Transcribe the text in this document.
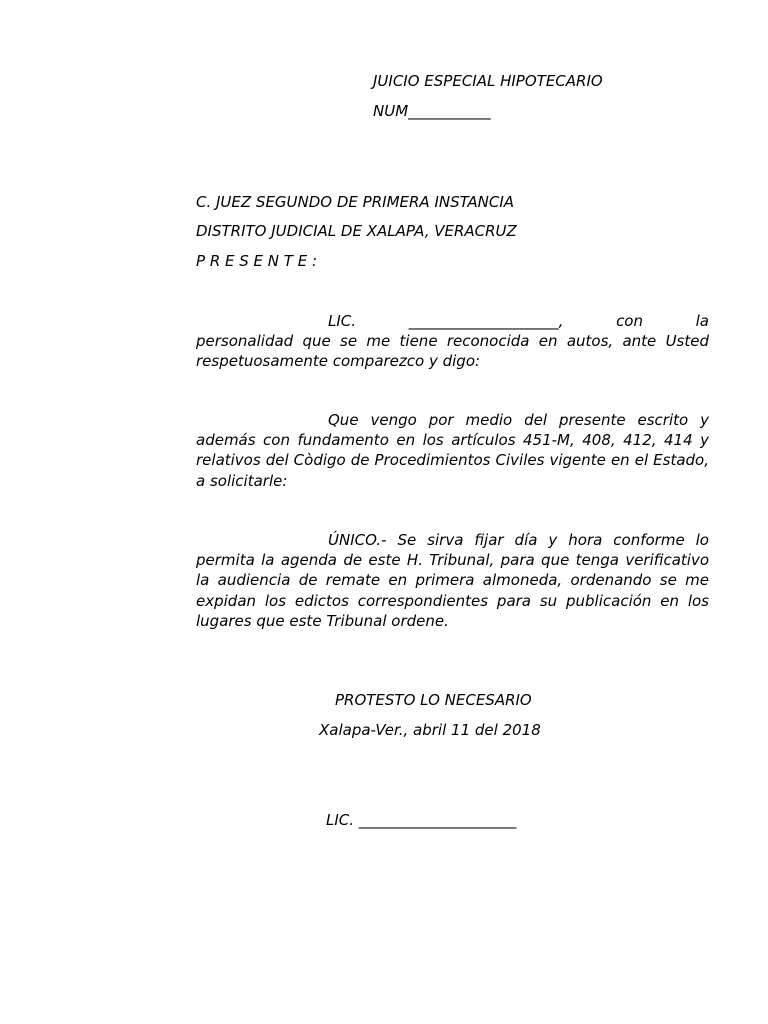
JUICIO ESPECIAL HIPOTECARIO

NUM___________

C. JUEZ SEGUNDO DE PRIMERA INSTANCIA

DISTRITO JUDICIAL DE XALAPA, VERACRUZ

P R E S E N T E :

LIC.	____________________,	con	la

personalidad que se me tiene reconocida en autos, ante Usted respetuosamente comparezco y digo:

Que vengo por medio del presente escrito y además con fundamento en los artículos 451-M, 408, 412, 414 y relativos del Còdigo de Procedimientos Civiles vigente en el Estado, a solicitarle:

ÚNICO.- Se sirva fijar día y hora conforme lo permita la agenda de este H. Tribunal, para que tenga verificativo la audiencia de remate en primera almoneda, ordenando se me expidan los edictos correspondientes para su publicación en los lugares que este Tribunal ordene.

PROTESTO LO NECESARIO

Xalapa-Ver., abril 11 del 2018

LIC. _____________________
